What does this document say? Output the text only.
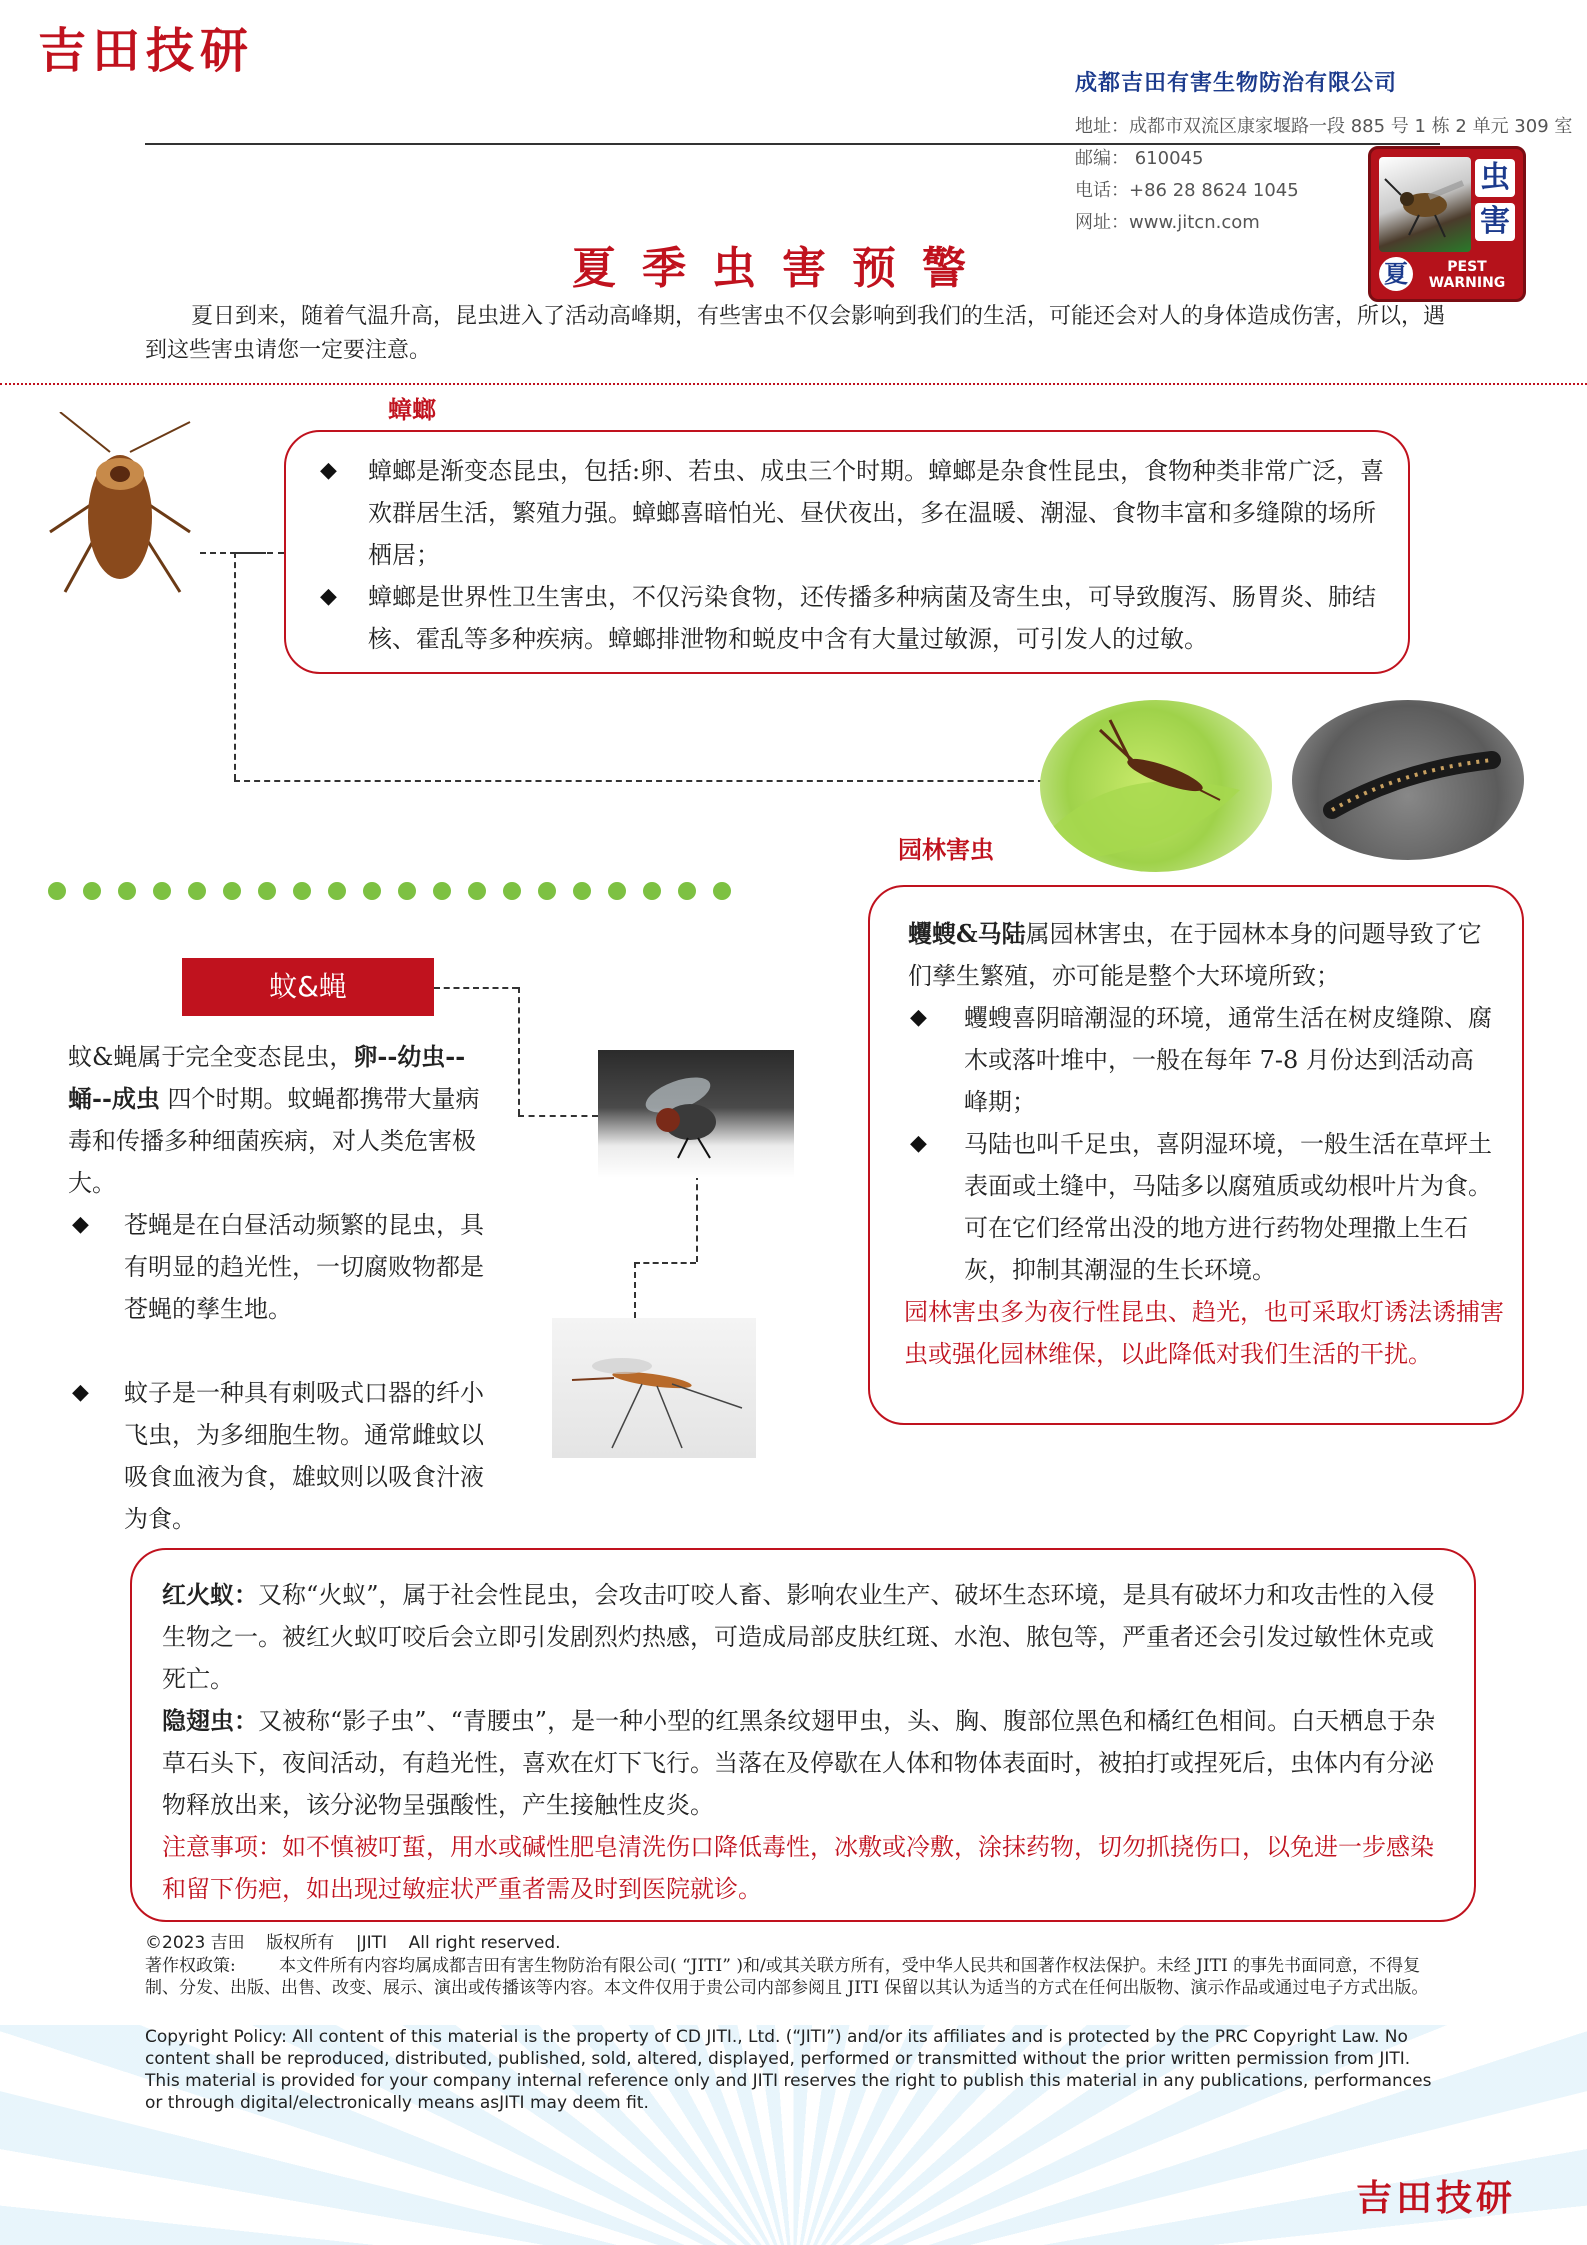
吉田技研
成都吉田有害生物防治有限公司
地址：成都市双流区康家堰路一段 885 号 1 栋 2 单元 309 室
邮编： 610045
电话：+86 28 8624 1045
网址：www.jitcn.com
虫
害
夏	PEST
WARNING
夏季虫害预警
夏日到来，随着气温升高，昆虫进入了活动高峰期，有些害虫不仅会影响到我们的生活，可能还会对人的身体造成伤害，所以，遇到这些害虫请您一定要注意。
蟑螂
◆ 蟑螂是渐变态昆虫，包括:卵、若虫、成虫三个时期。蟑螂是杂食性昆虫，食物种类非常广泛，喜欢群居生活，繁殖力强。蟑螂喜暗怕光、昼伏夜出，多在温暖、潮湿、食物丰富和多缝隙的场所栖居；
◆ 蟑螂是世界性卫生害虫，不仅污染食物，还传播多种病菌及寄生虫，可导致腹泻、肠胃炎、肺结核、霍乱等多种疾病。蟑螂排泄物和蜕皮中含有大量过敏源，可引发人的过敏。
园林害虫
蠼螋&马陆属园林害虫，在于园林本身的问题导致了它们孳生繁殖，亦可能是整个大环境所致；
◆ 蠼螋喜阴暗潮湿的环境，通常生活在树皮缝隙、腐木或落叶堆中，一般在每年 7-8 月份达到活动高峰期；
◆ 马陆也叫千足虫，喜阴湿环境，一般生活在草坪土表面或土缝中，马陆多以腐殖质或幼根叶片为食。可在它们经常出没的地方进行药物处理撒上生石灰，抑制其潮湿的生长环境。
园林害虫多为夜行性昆虫、趋光，也可采取灯诱法诱捕害虫或强化园林维保，以此降低对我们生活的干扰。
蚊&蝇
蚊&蝇属于完全变态昆虫，卵--幼虫--蛹--成虫 四个时期。蚊蝇都携带大量病毒和传播多种细菌疾病，对人类危害极大。
◆ 苍蝇是在白昼活动频繁的昆虫，具有明显的趋光性，一切腐败物都是苍蝇的孳生地。
◆ 蚊子是一种具有刺吸式口器的纤小飞虫，为多细胞生物。通常雌蚊以吸食血液为食，雄蚊则以吸食汁液为食。
红火蚁：又称“火蚁”，属于社会性昆虫，会攻击叮咬人畜、影响农业生产、破坏生态环境，是具有破坏力和攻击性的入侵生物之一。被红火蚁叮咬后会立即引发剧烈灼热感，可造成局部皮肤红斑、水泡、脓包等，严重者还会引发过敏性休克或死亡。
隐翅虫：又被称“影子虫”、“青腰虫”，是一种小型的红黑条纹翅甲虫，头、胸、腹部位黑色和橘红色相间。白天栖息于杂草石头下，夜间活动，有趋光性，喜欢在灯下飞行。当落在及停歇在人体和物体表面时，被拍打或捏死后，虫体内有分泌物释放出来，该分泌物呈强酸性，产生接触性皮炎。
注意事项：如不慎被叮蜇，用水或碱性肥皂清洗伤口降低毒性，冰敷或冷敷，涂抹药物，切勿抓挠伤口，以免进一步感染和留下伤疤，如出现过敏症状严重者需及时到医院就诊。
©2023 吉田    版权所有    |JITI    All right reserved.
著作权政策:        本文件所有内容均属成都吉田有害生物防治有限公司( “JITI” )和/或其关联方所有，受中华人民共和国著作权法保护。未经 JITI 的事先书面同意，不得复制、分发、出版、出售、改变、展示、演出或传播该等内容。本文件仅用于贵公司内部参阅且 JITI 保留以其认为适当的方式在任何出版物、演示作品或通过电子方式出版。
Copyright Policy: All content of this material is the property of CD JITI., Ltd. (“JITI”) and/or its affiliates and is protected by the PRC Copyright Law. No content shall be reproduced, distributed, published, sold, altered, displayed, performed or transmitted without the prior written permission from JITI. This material is provided for your company internal reference only and JITI reserves the right to publish this material in any publications, performances or through digital/electronically means asJITI may deem fit.
吉田技研
